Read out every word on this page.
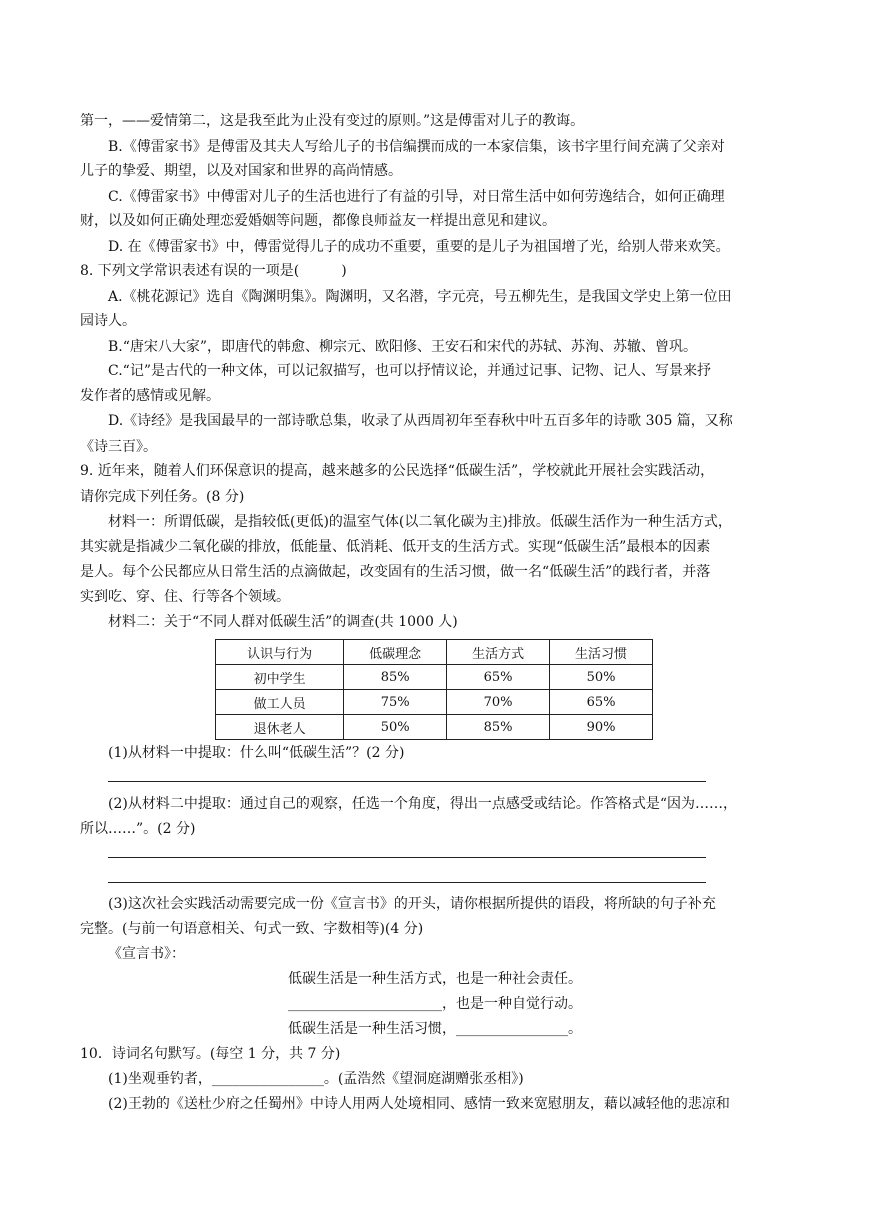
第一，——爱情第二，这是我至此为止没有变过的原则。”这是傅雷对儿子的教诲。
B.《傅雷家书》是傅雷及其夫人写给儿子的书信编撰而成的一本家信集，该书字里行间充满了父亲对
儿子的挚爱、期望，以及对国家和世界的高尚情感。
C.《傅雷家书》中傅雷对儿子的生活也进行了有益的引导，对日常生活中如何劳逸结合，如何正确理
财，以及如何正确处理恋爱婚姻等问题，都像良师益友一样提出意见和建议。
D. 在《傅雷家书》中，傅雷觉得儿子的成功不重要，重要的是儿子为祖国增了光，给别人带来欢笑。
8. 下列文学常识表述有误的一项是(　　　)
A.《桃花源记》选自《陶渊明集》。陶渊明，又名潜，字元亮，号五柳先生，是我国文学史上第一位田
园诗人。
B.“唐宋八大家”，即唐代的韩愈、柳宗元、欧阳修、王安石和宋代的苏轼、苏洵、苏辙、曾巩。
C.“记”是古代的一种文体，可以记叙描写，也可以抒情议论，并通过记事、记物、记人、写景来抒
发作者的感情或见解。
D.《诗经》是我国最早的一部诗歌总集，收录了从西周初年至春秋中叶五百多年的诗歌 305 篇，又称
《诗三百》。
9. 近年来，随着人们环保意识的提高，越来越多的公民选择“低碳生活”，学校就此开展社会实践活动，
请你完成下列任务。(8 分)
材料一：所谓低碳，是指较低(更低)的温室气体(以二氧化碳为主)排放。低碳生活作为一种生活方式，
其实就是指减少二氧化碳的排放，低能量、低消耗、低开支的生活方式。实现“低碳生活”最根本的因素
是人。每个公民都应从日常生活的点滴做起，改变固有的生活习惯，做一名“低碳生活”的践行者，并落
实到吃、穿、住、行等各个领域。
材料二：关于“不同人群对低碳生活”的调查(共 1000 人)
认识与行为	低碳理念	生活方式	生活习惯
初中学生	85%	65%	50%
做工人员	75%	70%	65%
退休老人	50%	85%	90%
(1)从材料一中提取：什么叫“低碳生活”？(2 分)
(2)从材料二中提取：通过自己的观察，任选一个角度，得出一点感受或结论。作答格式是“因为……，
所以……”。(2 分)
(3)这次社会实践活动需要完成一份《宣言书》的开头，请你根据所提供的语段，将所缺的句子补充
完整。(与前一句语意相关、句式一致、字数相等)(4 分)
《宣言书》：
低碳生活是一种生活方式，也是一种社会责任。
______________________，也是一种自觉行动。
低碳生活是一种生活习惯，________________。
10．诗词名句默写。(每空 1 分，共 7 分)
(1)坐观垂钓者，________________。(孟浩然《望洞庭湖赠张丞相》)
(2)王勃的《送杜少府之任蜀州》中诗人用两人处境相同、感情一致来宽慰朋友，藉以减轻他的悲凉和
